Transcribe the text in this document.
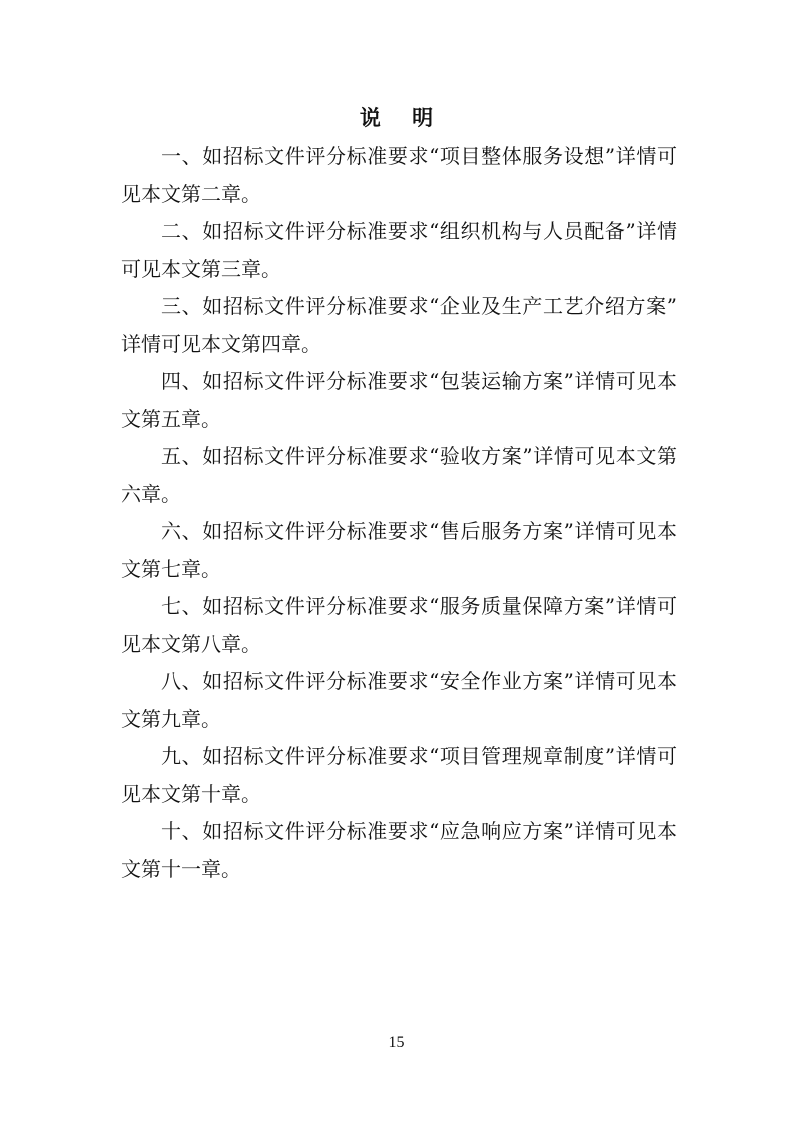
说 明

一、如招标文件评分标准要求“项目整体服务设想”详情可见本文第二章。

二、如招标文件评分标准要求“组织机构与人员配备”详情可见本文第三章。

三、如招标文件评分标准要求“企业及生产工艺介绍方案”详情可见本文第四章。

四、如招标文件评分标准要求“包装运输方案”详情可见本文第五章。

五、如招标文件评分标准要求“验收方案”详情可见本文第六章。

六、如招标文件评分标准要求“售后服务方案”详情可见本文第七章。

七、如招标文件评分标准要求“服务质量保障方案”详情可见本文第八章。

八、如招标文件评分标准要求“安全作业方案”详情可见本文第九章。

九、如招标文件评分标准要求“项目管理规章制度”详情可见本文第十章。

十、如招标文件评分标准要求“应急响应方案”详情可见本文第十一章。

15
